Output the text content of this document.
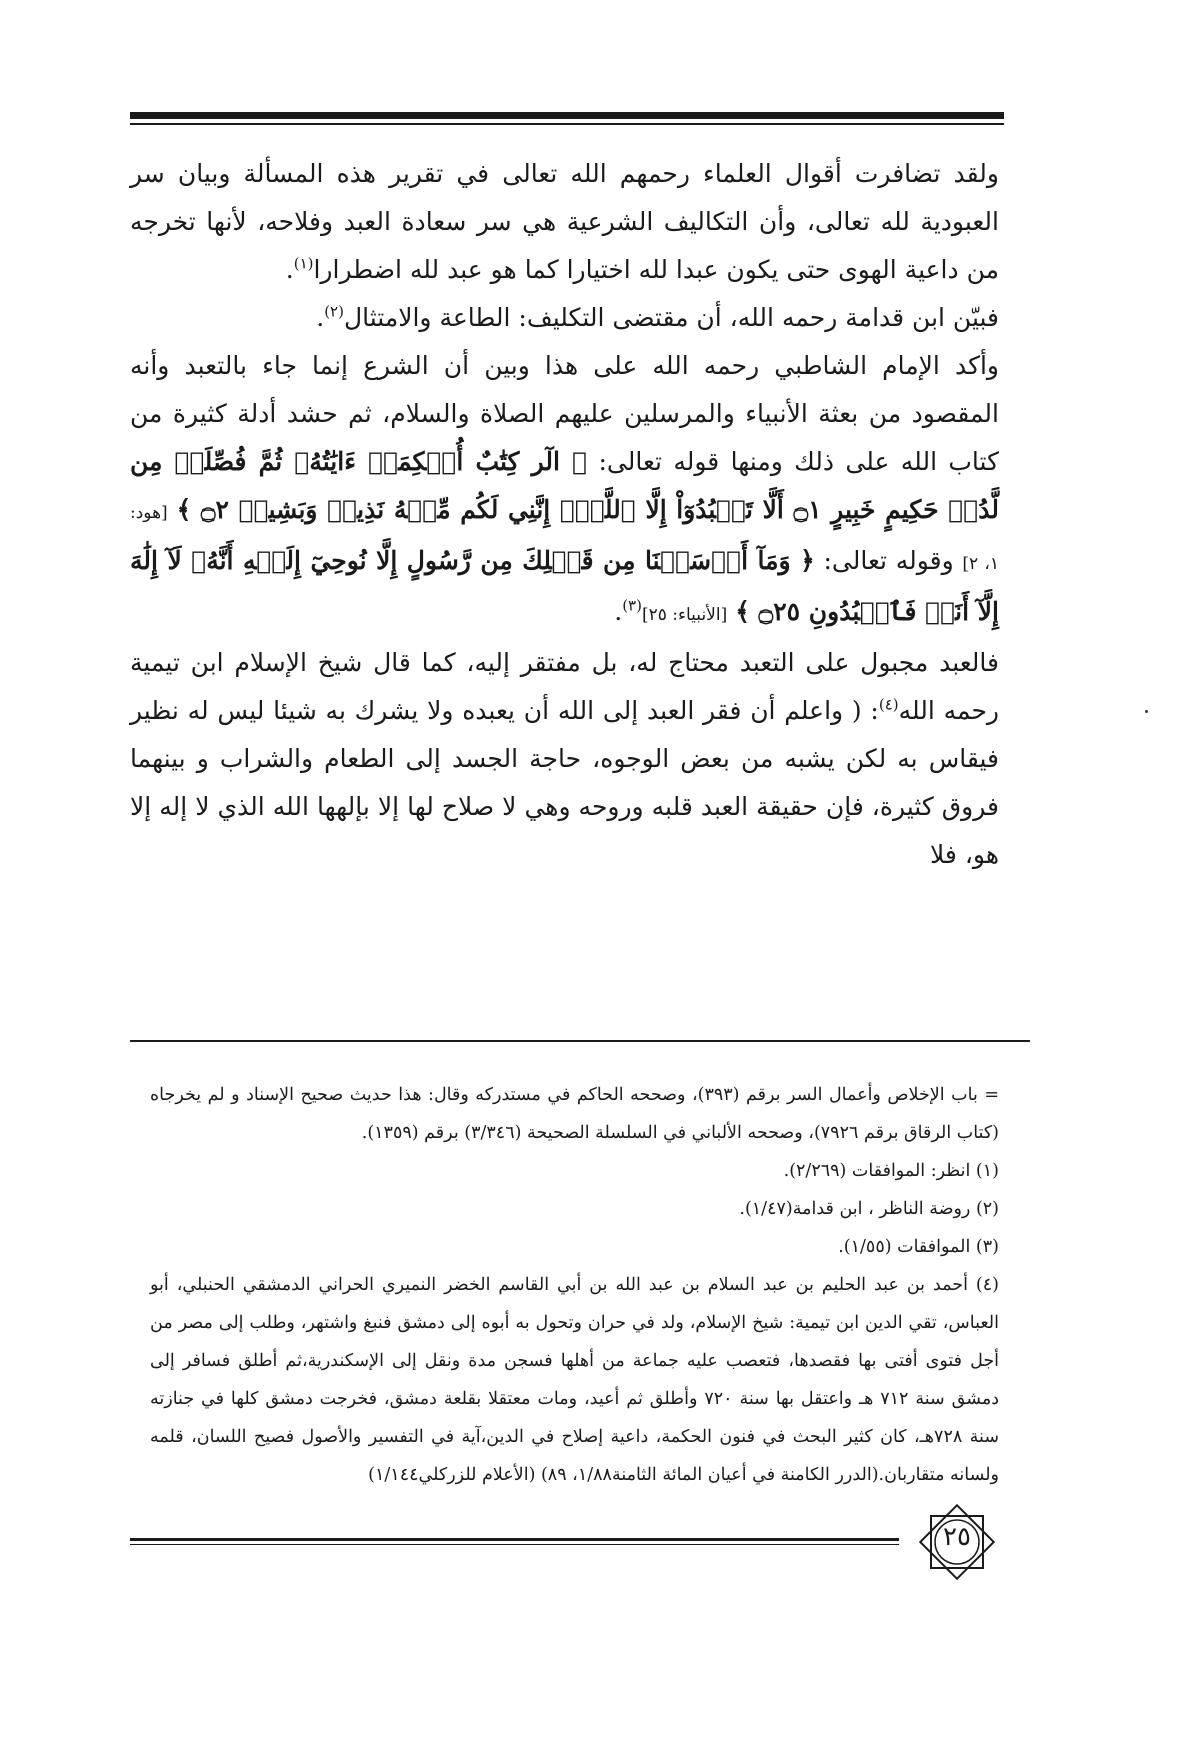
ولقد تضافرت أقوال العلماء رحمهم الله تعالى في تقرير هذه المسألة وبيان سر العبودية لله تعالى، وأن التكاليف الشرعية هي سر سعادة العبد وفلاحه، لأنها تخرجه من داعية الهوى حتى يكون عبدا لله اختيارا كما هو عبد لله اضطرارا$^{(١)}$.

فبيّن ابن قدامة رحمه الله، أن مقتضى التكليف: الطاعة والامتثال$^{(٢)}$.

وأكد الإمام الشاطبي رحمه الله على هذا وبين أن الشرع إنما جاء بالتعبد وأنه المقصود من بعثة الأنبياء والمرسلين عليهم الصلاة والسلام، ثم حشد أدلة كثيرة من كتاب الله على ذلك ومنها قوله تعالى: ﴿ الٓر كِتَٰبٌ أُحۡكِمَتۡ ءَايَٰتُهُۥ ثُمَّ فُصِّلَتۡ مِن لَّدُنۡ حَكِيمٍ خَبِيرٍ ۝١ أَلَّا تَعۡبُدُوٓاْ إِلَّا ٱللَّهَۚ إِنَّنِي لَكُم مِّنۡهُ نَذِيرٞ وَبَشِيرٞ ۝٢ ﴾ [هود: ١، ٢] وقوله تعالى: ﴿ وَمَآ أَرۡسَلۡنَا مِن قَبۡلِكَ مِن رَّسُولٍ إِلَّا نُوحِيٓ إِلَيۡهِ أَنَّهُۥ لَآ إِلَٰهَ إِلَّآ أَنَا۠ فَٱعۡبُدُونِ ۝٢٥ ﴾ [الأنبياء: ٢٥]$^{(٣)}$.

فالعبد مجبول على التعبد محتاج له، بل مفتقر إليه، كما قال شيخ الإسلام ابن تيمية رحمه الله$^{(٤)}$: ( واعلم أن فقر العبد إلى الله أن يعبده ولا يشرك به شيئا ليس له نظير فيقاس به لكن يشبه من بعض الوجوه، حاجة الجسد إلى الطعام والشراب و بينهما فروق كثيرة، فإن حقيقة العبد قلبه وروحه وهي لا صلاح لها إلا بإلهها الله الذي لا إله إلا هو، فلا

= باب الإخلاص وأعمال السر برقم (٣٩٣)، وصححه الحاكم في مستدركه وقال: هذا حديث صحيح الإسناد و لم يخرجاه (كتاب الرقاق برقم ٧٩٢٦)، وصححه الألباني في السلسلة الصحيحة (٣/٣٤٦) برقم (١٣٥٩).

(١) انظر: الموافقات (٢/٢٦٩).

(٢) روضة الناظر ، ابن قدامة(١/٤٧).

(٣) الموافقات (١/٥٥).

(٤) أحمد بن عبد الحليم بن عبد السلام بن عبد الله بن أبي القاسم الخضر النميري الحراني الدمشقي الحنبلي، أبو العباس، تقي الدين ابن تيمية: شيخ الإسلام، ولد في حران وتحول به أبوه إلى دمشق فنبغ واشتهر، وطلب إلى مصر من أجل فتوى أفتى بها فقصدها، فتعصب عليه جماعة من أهلها فسجن مدة ونقل إلى الإسكندرية،ثم أطلق فسافر إلى دمشق سنة ٧١٢ هـ واعتقل بها سنة ٧٢٠ وأطلق ثم أعيد، ومات معتقلا بقلعة دمشق، فخرجت دمشق كلها في جنازته سنة ٧٢٨هـ، كان كثير البحث في فنون الحكمة، داعية إصلاح في الدين،آية في التفسير والأصول فصيح اللسان، قلمه ولسانه متقاربان.(الدرر الكامنة في أعيان المائة الثامنة١/٨٨، ٨٩) (الأعلام للزركلي١/١٤٤)

٢٥
